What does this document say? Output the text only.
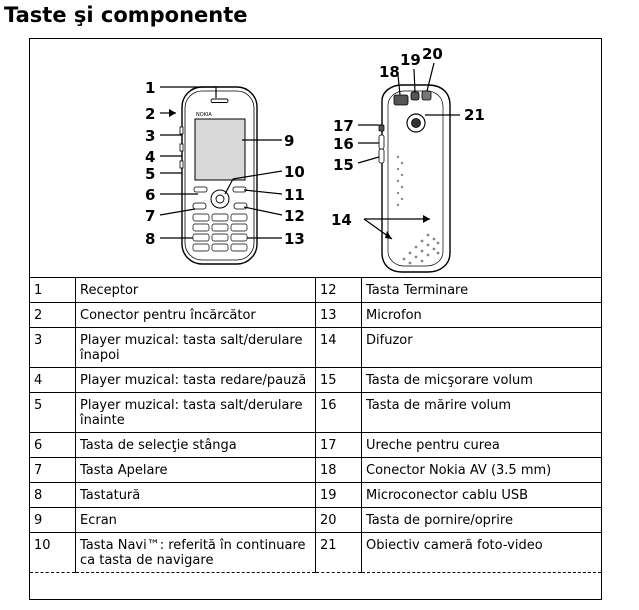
Taste şi componente
NOKIA
1
2
3
4
5
6
7
8
9
10
11
12
13
17
16
15
14
18
19 20
21
1	Receptor	12	Tasta Terminare
2	Conector pentru încărcător	13	Microfon
3	Player muzical: tasta salt/derulare înapoi	14	Difuzor
4	Player muzical: tasta redare/pauză	15	Tasta de micşorare volum
5	Player muzical: tasta salt/derulare înainte	16	Tasta de mărire volum
6	Tasta de selecţie stânga	17	Ureche pentru curea
7	Tasta Apelare	18	Conector Nokia AV (3.5 mm)
8	Tastatură	19	Microconector cablu USB
9	Ecran	20	Tasta de pornire/oprire
10	Tasta Navi™: referită în continuare ca tasta de navigare	21	Obiectiv cameră foto-video
